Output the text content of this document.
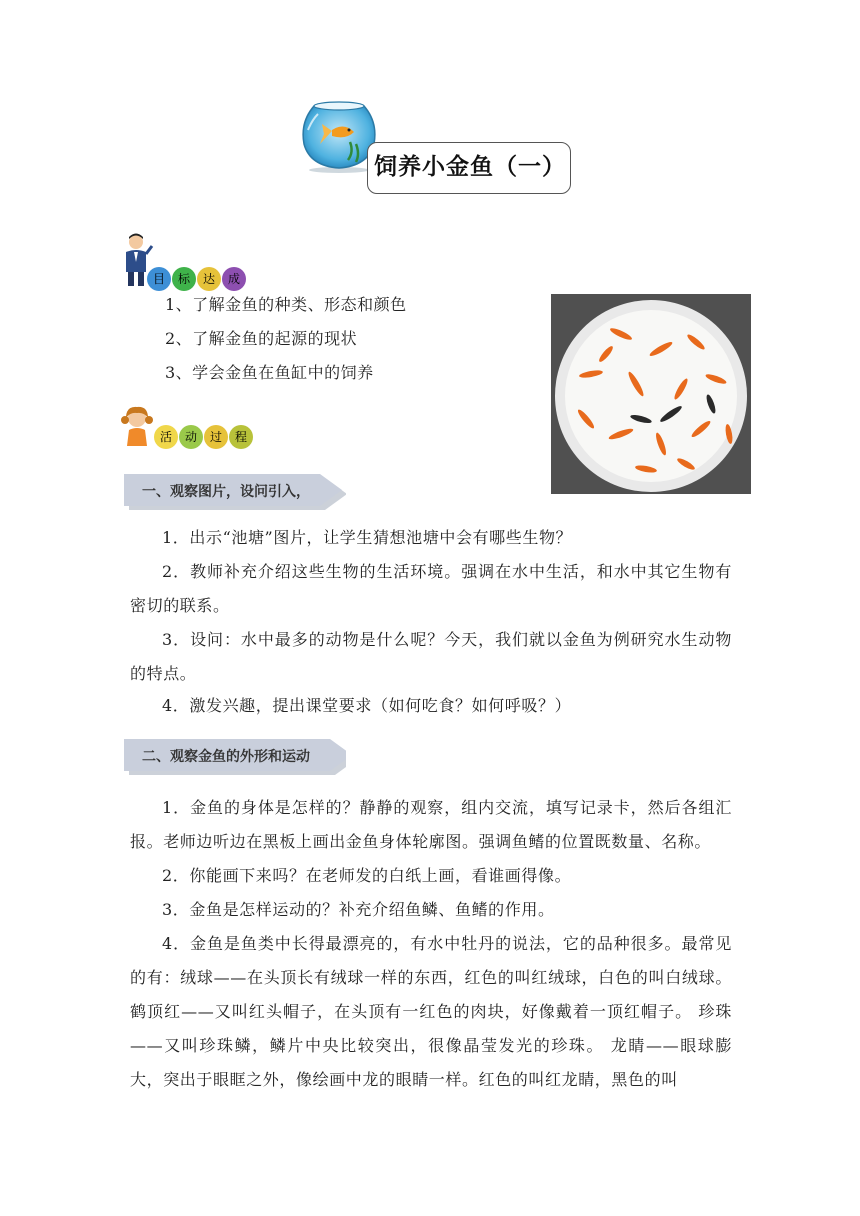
饲养小金鱼（一）
目	标	达	成
1、了解金鱼的种类、形态和颜色
2、了解金鱼的起源的现状
3、学会金鱼在鱼缸中的饲养
活	动	过	程
一、观察图片，设问引入，
1．出示“池塘”图片，让学生猜想池塘中会有哪些生物？
2．教师补充介绍这些生物的生活环境。强调在水中生活，和水中其它生物有密切的联系。
3．设问：水中最多的动物是什么呢？今天，我们就以金鱼为例研究水生动物的特点。
4．激发兴趣，提出课堂要求（如何吃食？如何呼吸？）
二、观察金鱼的外形和运动
1．金鱼的身体是怎样的？静静的观察，组内交流，填写记录卡，然后各组汇报。老师边听边在黑板上画出金鱼身体轮廓图。强调鱼鳍的位置既数量、名称。
2．你能画下来吗？在老师发的白纸上画，看谁画得像。
3．金鱼是怎样运动的？补充介绍鱼鳞、鱼鳍的作用。
4．金鱼是鱼类中长得最漂亮的，有水中牡丹的说法，它的品种很多。最常见的有：绒球——在头顶长有绒球一样的东西，红色的叫红绒球，白色的叫白绒球。 鹤顶红——又叫红头帽子，在头顶有一红色的肉块，好像戴着一顶红帽子。 珍珠——又叫珍珠鳞，鳞片中央比较突出，很像晶莹发光的珍珠。 龙睛——眼球膨大，突出于眼眶之外，像绘画中龙的眼睛一样。红色的叫红龙睛，黑色的叫
